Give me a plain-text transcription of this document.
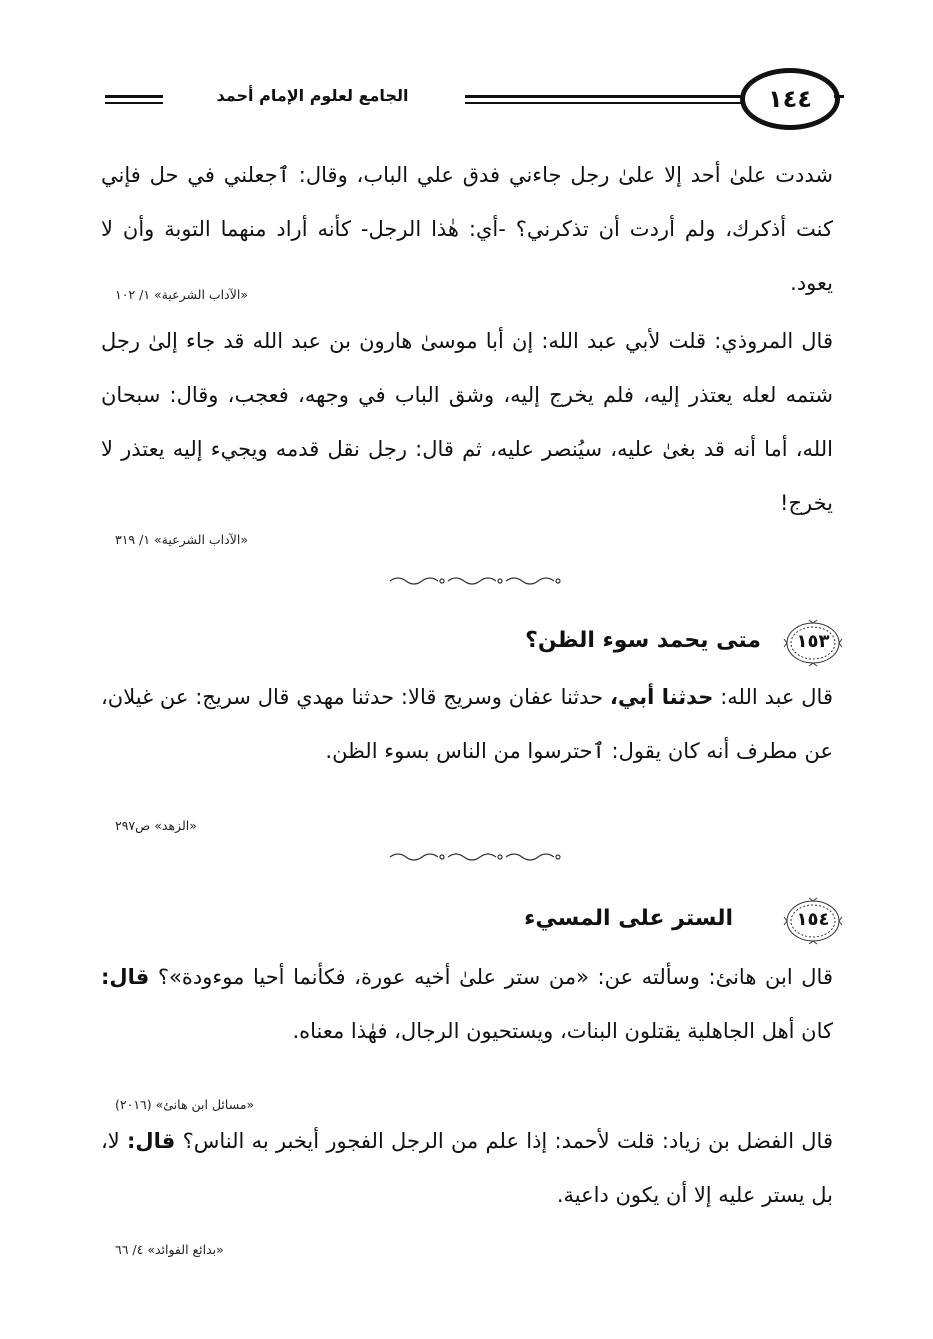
١٤٤
الجامع لعلوم الإمام أحمد

شددت علىٰ أحد إلا علىٰ رجل جاءني فدق علي الباب، وقال: ٱجعلني في حل فإني كنت أذكرك، ولم أردت أن تذكرني؟ -أي: هٰذا الرجل- كأنه أراد منهما التوبة وأن لا يعود.

«الآداب الشرعية» ١/ ١٠٢

قال المروذي: قلت لأبي عبد الله: إن أبا موسىٰ هارون بن عبد الله قد جاء إلىٰ رجل شتمه لعله يعتذر إليه، فلم يخرج إليه، وشق الباب في وجهه، فعجب، وقال: سبحان الله، أما أنه قد بغىٰ عليه، سيُنصر عليه، ثم قال: رجل نقل قدمه ويجيء إليه يعتذر لا يخرج!

«الآداب الشرعية» ١/ ٣١٩
١٥٣
متى يحمد سوء الظن؟

قال عبد الله: حدثنا أبي، حدثنا عفان وسريج قالا: حدثنا مهدي قال سريج: عن غيلان، عن مطرف أنه كان يقول: ٱحترسوا من الناس بسوء الظن.

«الزهد» ص٢٩٧
١٥٤
الستر على المسيء

قال ابن هانئ: وسألته عن: «من ستر علىٰ أخيه عورة، فكأنما أحيا موءودة»؟ قال: كان أهل الجاهلية يقتلون البنات، ويستحيون الرجال، فهٰذا معناه.

«مسائل ابن هانئ» (٢٠١٦)

قال الفضل بن زياد: قلت لأحمد: إذا علم من الرجل الفجور أيخبر به الناس؟ قال: لا، بل يستر عليه إلا أن يكون داعية.

«بدائع الفوائد» ٤/ ٦٦
